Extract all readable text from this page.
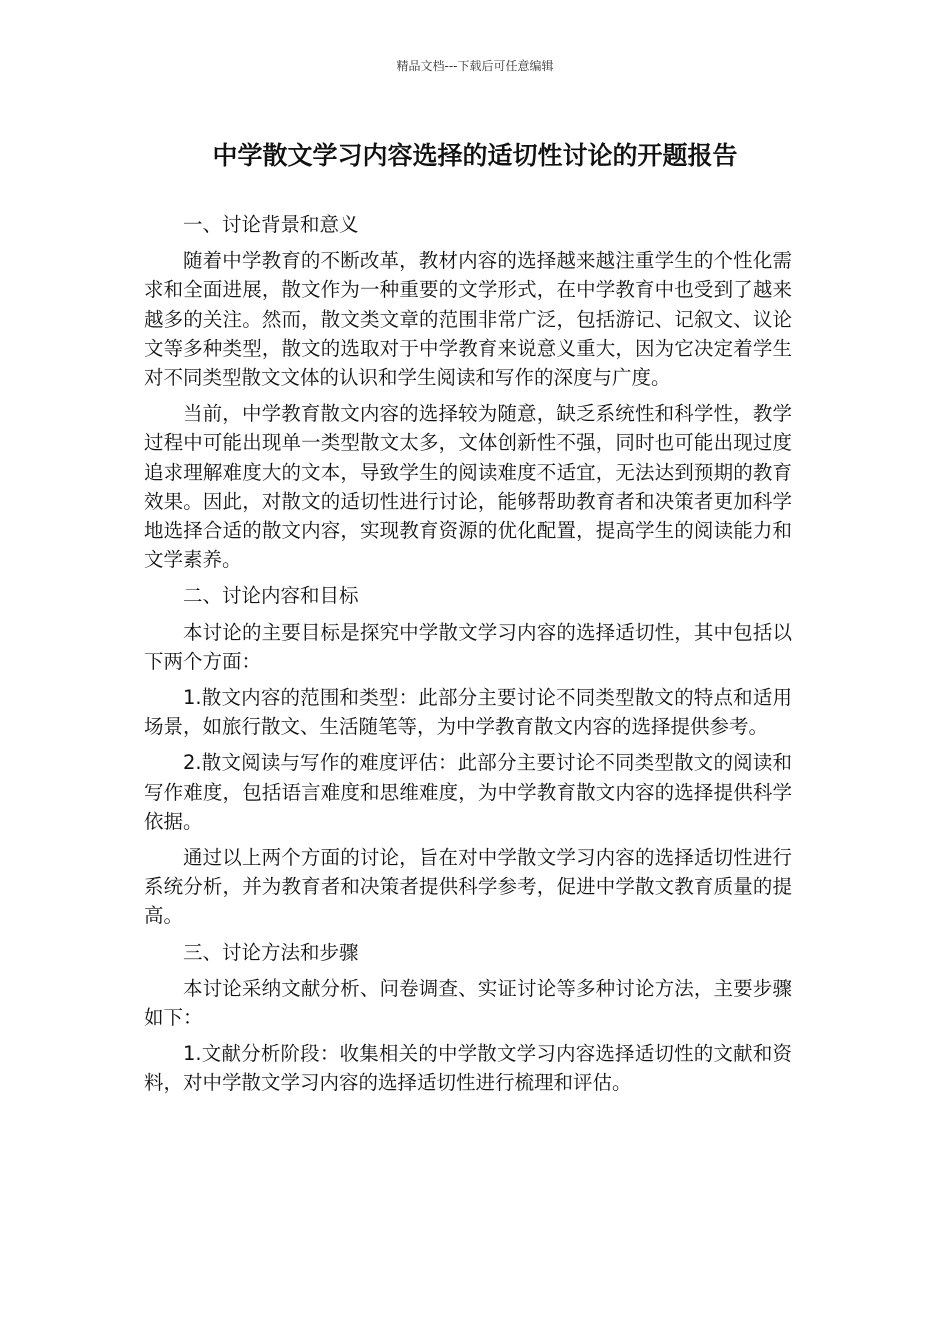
精品文档---下载后可任意编辑
中学散文学习内容选择的适切性讨论的开题报告

一、讨论背景和意义

随着中学教育的不断改革，教材内容的选择越来越注重学生的个性化需求和全面进展，散文作为一种重要的文学形式，在中学教育中也受到了越来越多的关注。然而，散文类文章的范围非常广泛，包括游记、记叙文、议论文等多种类型，散文的选取对于中学教育来说意义重大，因为它决定着学生对不同类型散文文体的认识和学生阅读和写作的深度与广度。

当前，中学教育散文内容的选择较为随意，缺乏系统性和科学性，教学过程中可能出现单一类型散文太多，文体创新性不强，同时也可能出现过度追求理解难度大的文本，导致学生的阅读难度不适宜，无法达到预期的教育效果。因此，对散文的适切性进行讨论，能够帮助教育者和决策者更加科学地选择合适的散文内容，实现教育资源的优化配置，提高学生的阅读能力和文学素养。

二、讨论内容和目标

本讨论的主要目标是探究中学散文学习内容的选择适切性，其中包括以下两个方面：

1.散文内容的范围和类型：此部分主要讨论不同类型散文的特点和适用场景，如旅行散文、生活随笔等，为中学教育散文内容的选择提供参考。

2.散文阅读与写作的难度评估：此部分主要讨论不同类型散文的阅读和写作难度，包括语言难度和思维难度，为中学教育散文内容的选择提供科学依据。

通过以上两个方面的讨论，旨在对中学散文学习内容的选择适切性进行系统分析，并为教育者和决策者提供科学参考，促进中学散文教育质量的提高。

三、讨论方法和步骤

本讨论采纳文献分析、问卷调查、实证讨论等多种讨论方法，主要步骤如下：

1.文献分析阶段：收集相关的中学散文学习内容选择适切性的文献和资料，对中学散文学习内容的选择适切性进行梳理和评估。
